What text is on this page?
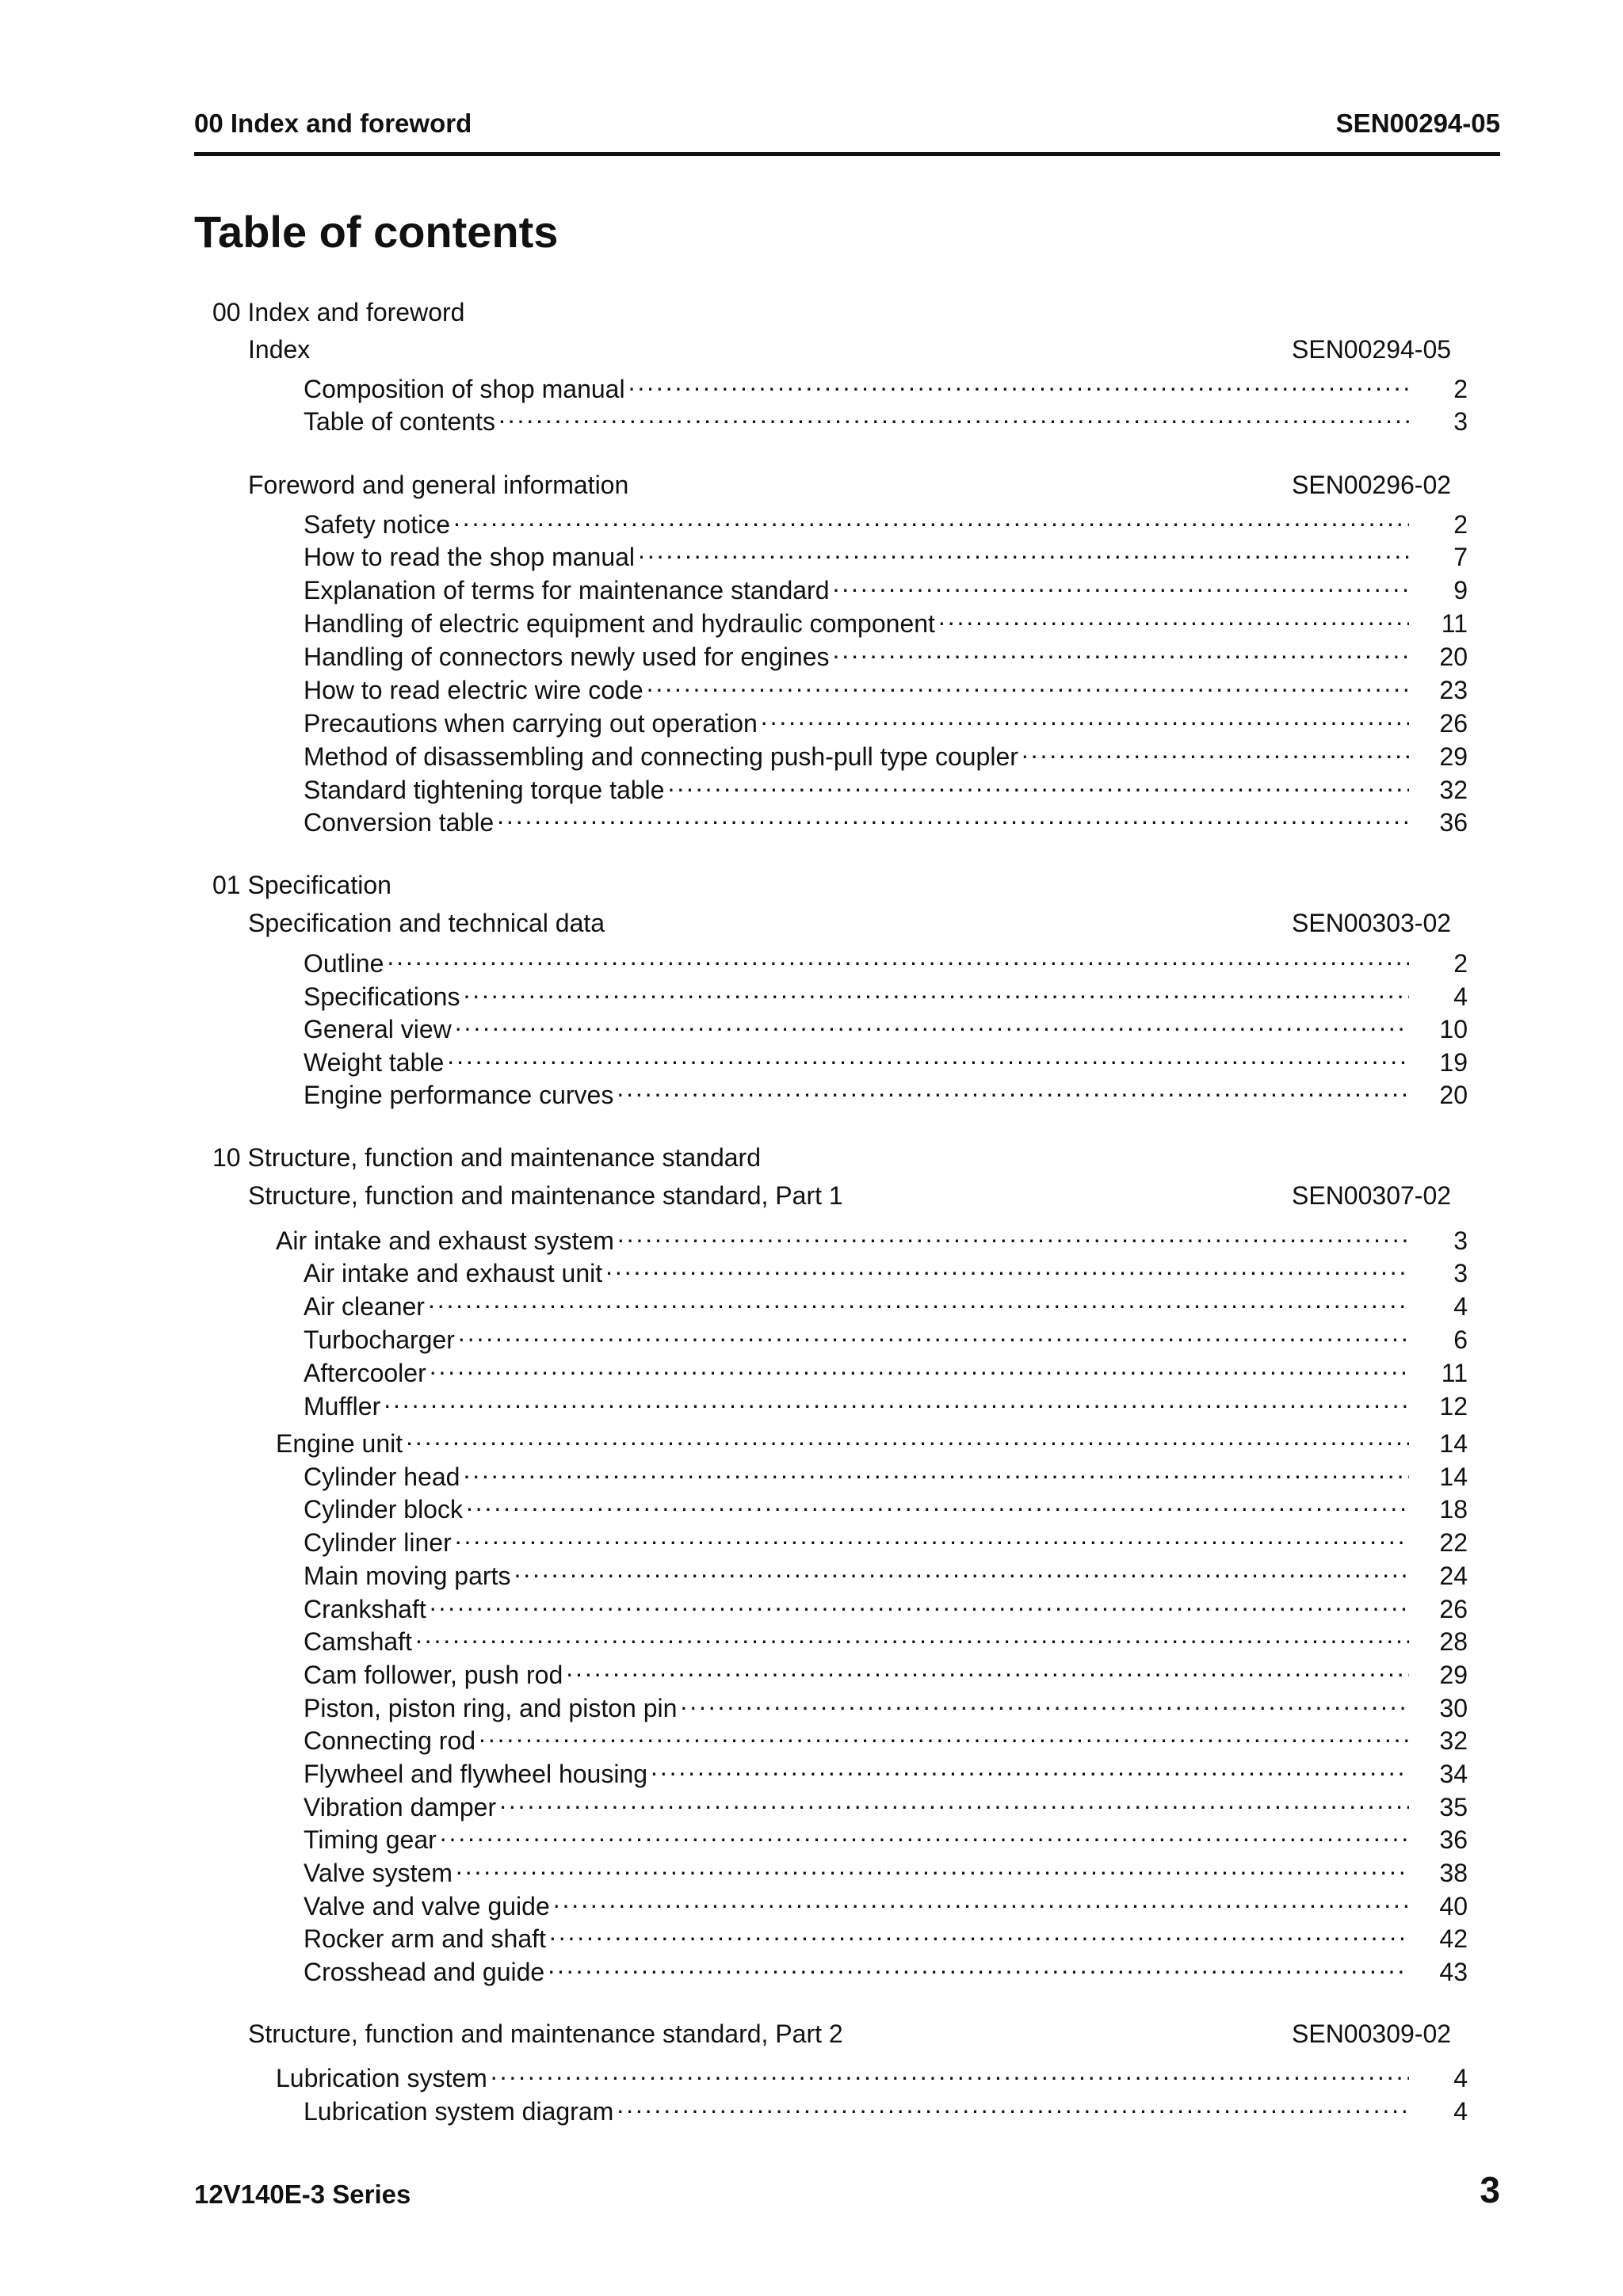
00 Index and foreword	SEN00294-05
Table of contents
00 Index and foreword
Index	SEN00294-05
Composition of shop manual . . .	2
Table of contents . . .	3
Foreword and general information	SEN00296-02
Safety notice . . .	2
How to read the shop manual . . .	7
Explanation of terms for maintenance standard . . .	9
Handling of electric equipment and hydraulic component . . .	11
Handling of connectors newly used for engines . . .	20
How to read electric wire code . . .	23
Precautions when carrying out operation . . .	26
Method of disassembling and connecting push-pull type coupler . . .	29
Standard tightening torque table . . .	32
Conversion table . . .	36
01 Specification
Specification and technical data	SEN00303-02
Outline . . .	2
Specifications . . .	4
General view . . .	10
Weight table . . .	19
Engine performance curves . . .	20
10 Structure, function and maintenance standard
Structure, function and maintenance standard, Part 1	SEN00307-02
Air intake and exhaust system . . .	3
Air intake and exhaust unit . . .	3
Air cleaner . . .	4
Turbocharger . . .	6
Aftercooler . . .	11
Muffler . . .	12
Engine unit . . .	14
Cylinder head . . .	14
Cylinder block . . .	18
Cylinder liner . . .	22
Main moving parts . . .	24
Crankshaft . . .	26
Camshaft . . .	28
Cam follower, push rod . . .	29
Piston, piston ring, and piston pin . . .	30
Connecting rod . . .	32
Flywheel and flywheel housing . . .	34
Vibration damper . . .	35
Timing gear . . .	36
Valve system . . .	38
Valve and valve guide . . .	40
Rocker arm and shaft . . .	42
Crosshead and guide . . .	43
Structure, function and maintenance standard, Part 2	SEN00309-02
Lubrication system . . .	4
Lubrication system diagram . . .	4
12V140E-3 Series	3
